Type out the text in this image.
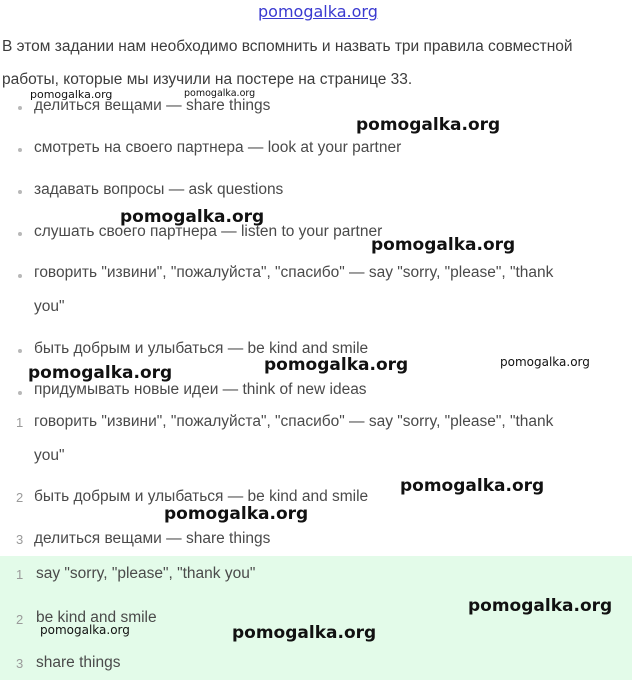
В этом задании нам необходимо вспомнить и назвать три правила совместной работы, которые мы изучили на постере на странице 33.
делиться вещами — share things
смотреть на своего партнера — look at your partner
задавать вопросы — ask questions
слушать своего партнера — listen to your partner
говорить "извини", "пожалуйста", "спасибо" — say "sorry, "please", "thank
you"
быть добрым и улыбаться — be kind and smile
придумывать новые идеи — think of new ideas
1 говорить "извини", "пожалуйста", "спасибо" — say "sorry, "please", "thank
you"
2 быть добрым и улыбаться — be kind and smile
3 делиться вещами — share things
1 say "sorry, "please", "thank you"
2 be kind and smile
3 share things
pomogalka.org
pomogalka.org	pomogalka.org
pomogalka.org
pomogalka.org
pomogalka.org
pomogalka.org	pomogalka.org
pomogalka.org
pomogalka.org
pomogalka.org
pomogalka.org
pomogalka.org	pomogalka.org
